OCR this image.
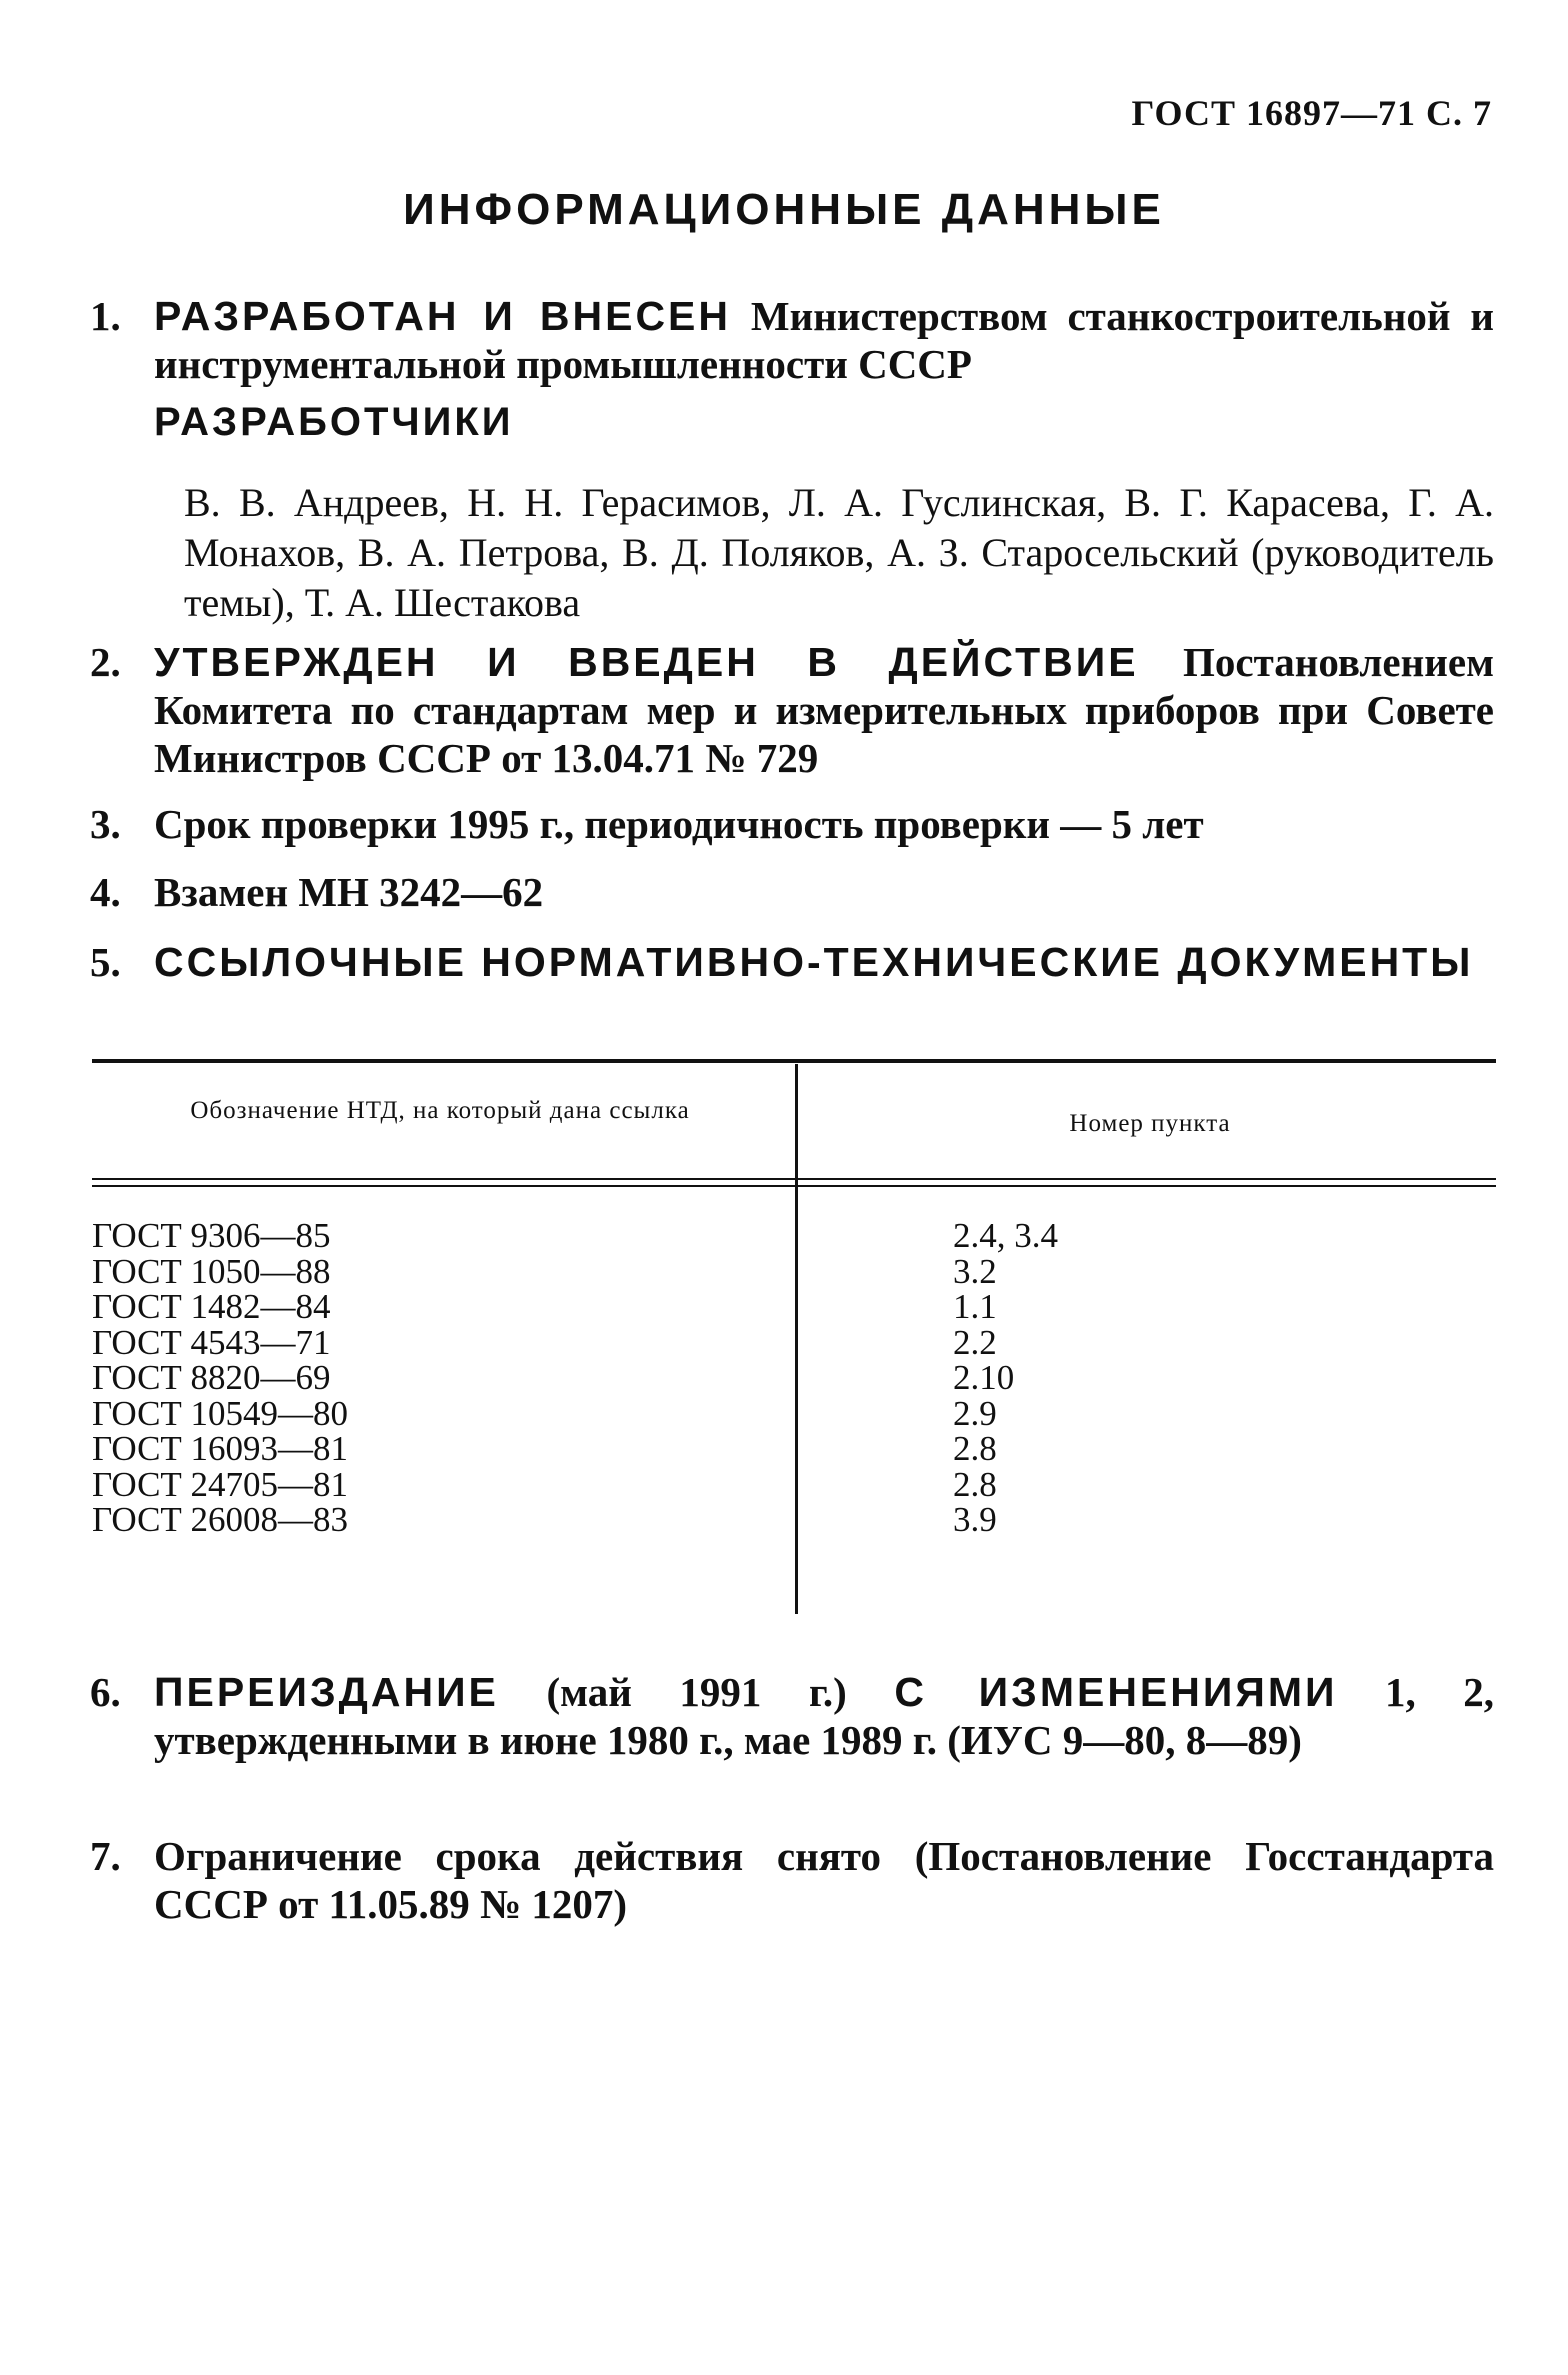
ГОСТ 16897—71 С. 7
ИНФОРМАЦИОННЫЕ ДАННЫЕ
1. РАЗРАБОТАН И ВНЕСЕН Министерством станкостроительной и инструментальной промышленности СССР
РАЗРАБОТЧИКИ
В. В. Андреев, Н. Н. Герасимов, Л. А. Гуслинская, В. Г. Карасева, Г. А. Монахов, В. А. Петрова, В. Д. Поляков, А. З. Старосельский (руководитель темы), Т. А. Шестакова
2. УТВЕРЖДЕН И ВВЕДЕН В ДЕЙСТВИЕ Постановлением Комитета по стандартам мер и измерительных приборов при Совете Министров СССР от 13.04.71 № 729
3. Срок проверки 1995 г., периодичность проверки — 5 лет
4. Взамен МН 3242—62
5. ССЫЛОЧНЫЕ НОРМАТИВНО-ТЕХНИЧЕСКИЕ ДОКУМЕНТЫ
Обозначение НТД, на который дана ссылка	Номер пункта
ГОСТ 9306—85
ГОСТ 1050—88
ГОСТ 1482—84
ГОСТ 4543—71
ГОСТ 8820—69
ГОСТ 10549—80
ГОСТ 16093—81
ГОСТ 24705—81
ГОСТ 26008—83
2.4, 3.4
3.2
1.1
2.2
2.10
2.9
2.8
2.8
3.9
6. ПЕРЕИЗДАНИЕ (май 1991 г.) С ИЗМЕНЕНИЯМИ 1, 2, утвержденными в июне 1980 г., мае 1989 г. (ИУС 9—80, 8—89)
7. Ограничение срока действия снято (Постановление Госстандарта СССР от 11.05.89 № 1207)
